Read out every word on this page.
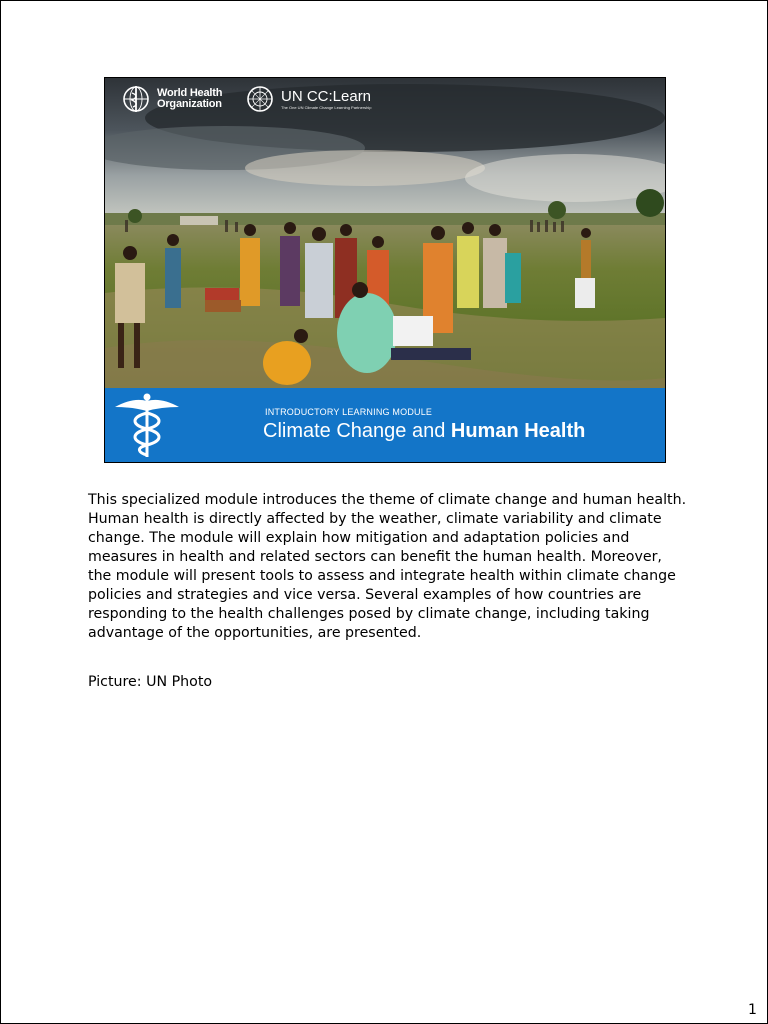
World Health Organization	UN CC:Learn
The One UN Climate Change Learning Partnership
INTRODUCTORY LEARNING MODULE
Climate Change and Human Health

This specialized module introduces the theme of climate change and human health. Human health is directly affected by the weather, climate variability and climate change. The module will explain how mitigation and adaptation policies and measures in health and related sectors can benefit the human health. Moreover, the module will present tools to assess and integrate health within climate change policies and strategies and vice versa. Several examples of how countries are responding to the health challenges posed by climate change, including taking advantage of the opportunities, are presented.

Picture: UN Photo

1
